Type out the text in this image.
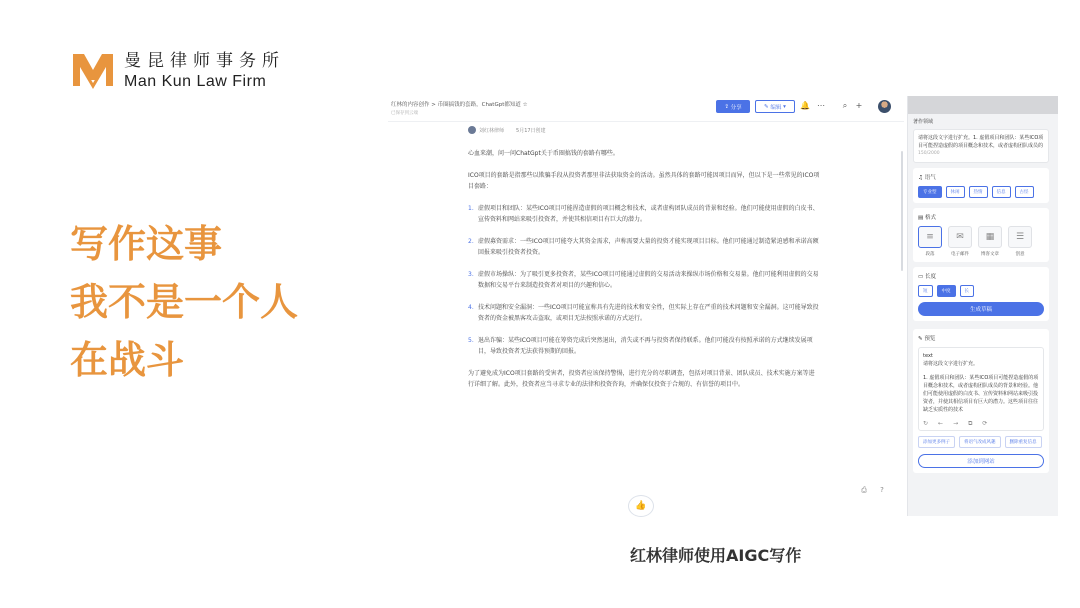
曼昆律师事务所
Man Kun Law Firm
写作这事
我不是一个人
在战斗
红林的内容创作 > 币圈搞钱的套路，ChatGpt都知道 ☆
已保存到云端
⇪ 分享	✎ 编辑 ▾ 🔔 ⋯	⌕	+
刘红林律师 5月17日创建
心血来潮，问一问ChatGpt关于币圈搞钱的套路有哪些。
ICO项目的套路是指那些以欺骗手段从投资者那里非法获取资金的活动。虽然具体的套路可能因项目而异，但以下是一些常见的ICO项目套路：
1. 虚假项目和团队：某些ICO项目可能捏造虚假的项目概念和技术，或者虚构团队成员的背景和经验。他们可能使用虚假的白皮书、宣传资料和网站来吸引投资者，并使其相信项目有巨大的潜力。
2. 虚假募资需求：一些ICO项目可能夸大其资金需求，声称需要大量的投资才能实现项目目标。他们可能通过制造紧迫感和承诺高额回报来吸引投资者投资。
3. 虚假市场操纵：为了吸引更多投资者，某些ICO项目可能通过虚假的交易活动来操纵市场价格和交易量。他们可能利用虚假的交易数据和交易平台来制造投资者对项目的兴趣和信心。
4. 技术问题和安全漏洞：一些ICO项目可能宣称具有先进的技术和安全性，但实际上存在严重的技术问题和安全漏洞。这可能导致投资者的资金被黑客攻击盗取，或项目无法按照承诺的方式运行。
5. 退出诈骗：某些ICO项目可能在筹资完成后突然退出，消失或不再与投资者保持联系。他们可能没有按照承诺的方式继续发展项目，导致投资者无法获得预期的回报。
为了避免成为ICO项目套路的受害者，投资者应该保持警惕，进行充分的尽职调查，包括对项目背景、团队成员、技术实施方案等进行详细了解。此外，投资者应当寻求专业的法律和投资咨询，并确保仅投资于合规的、有信誉的项目中。
👍
⎙	?
著作领域
请将这段文字进行扩充。1. 虚假项目和团队：某些ICO项目可能捏造虚假的项目概念和技术，或者虚构团队成员的
150/2000
♫ 语气
专业型	休闲	热情	信息	古怪
▤ 格式
≡
段落
✉
电子邮件
▦
博客文章
☰
创意
▭ 长度
短	中度	长
生成草稿
✎ 预览
text
请将这段文字进行扩充。
1. 虚假项目和团队：某些ICO项目可能捏造虚假的项目概念和技术，或者虚构团队成员的背景和经验。他们可能使用虚假的白皮书、宣传资料和网站来吸引投资者，并使其相信项目有巨大的潜力。这些项目往往缺乏实质性的技术
↻ ← → ⧉ ⟳
添加更多例子	将语气改成风趣	删除重复信息
添加到网站
红林律师使用AIGC写作
